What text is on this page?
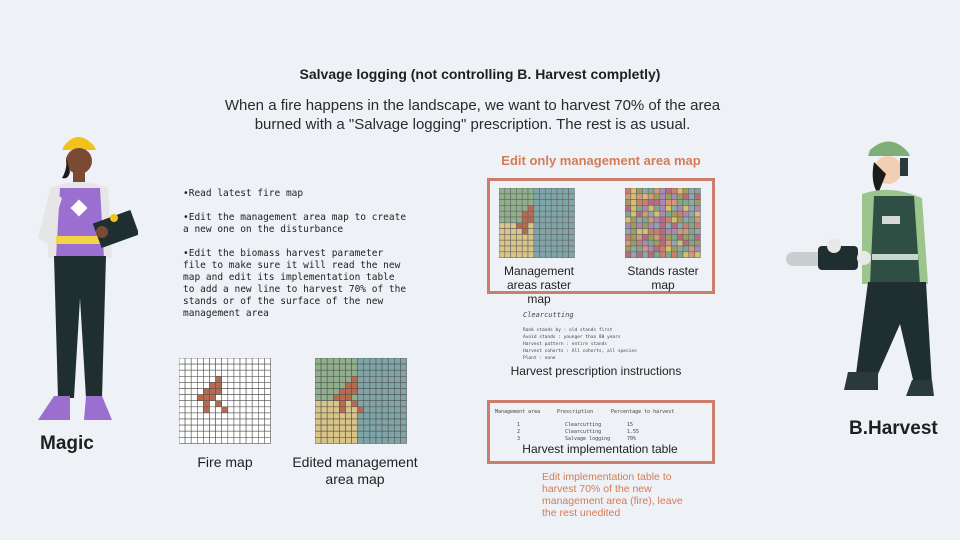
Salvage logging (not controlling B. Harvest completly)
When a fire happens in the landscape, we want to harvest 70% of the area burned with a "Salvage logging" prescription. The rest is as usual.

•Read latest fire map

•Edit the management area map to create a new one on the disturbance

•Edit the biomass harvest parameter file to make sure it will read the new map and edit its implementation table to add a new line to harvest 70% of the stands or of the surface of the new management area

Magic
B.Harvest
Fire map	Edited management area map
Edit only management area map
Management areas raster map
Stands raster map
Clearcutting
Rank stands by : old stands first
Avoid stands : younger than 80 years
Harvest pattern : entire stands
Harvest cohorts : All cohorts, all species
Plant : none
Harvest prescription instructions
Management area	Prescription	Percentage to harvest
1	Clearcutting	15
2	Clearcutting	1.55
3	Salvage logging	70%
Harvest implementation table
Edit implementation table to harvest 70% of the new management area (fire), leave the rest unedited
